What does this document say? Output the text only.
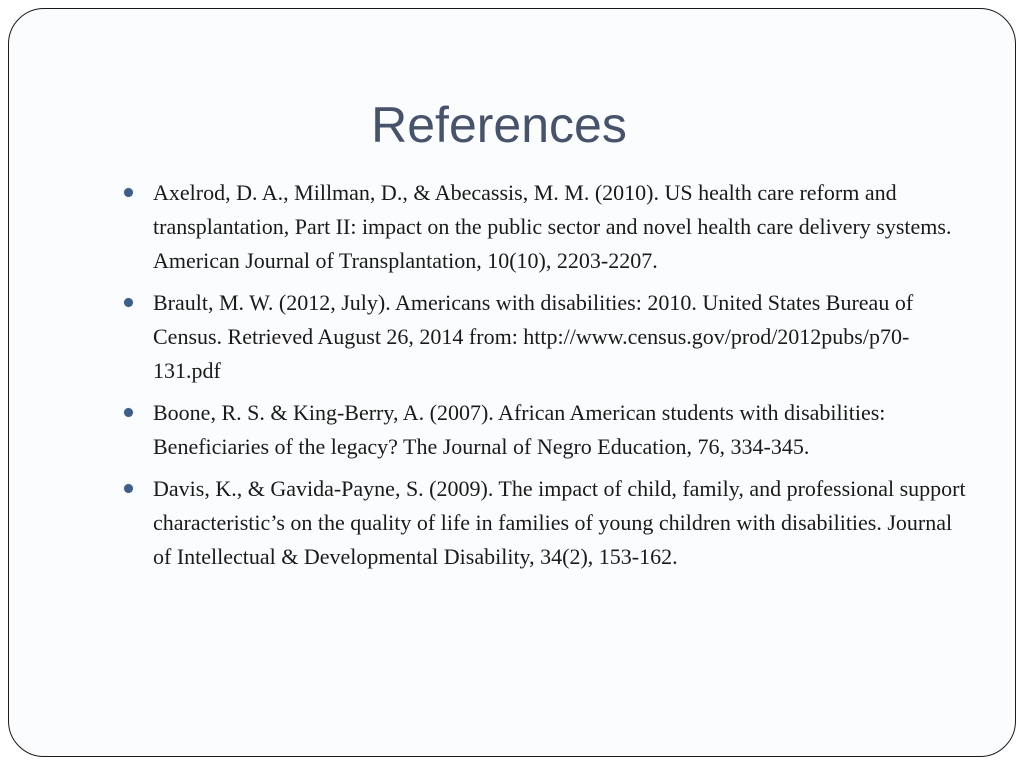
References
Axelrod, D. A., Millman, D., & Abecassis, M. M. (2010). US health care reform and transplantation, Part II: impact on the public sector and novel health care delivery systems. American Journal of Transplantation, 10(10), 2203-2207.
Brault, M. W. (2012, July). Americans with disabilities: 2010. United States Bureau of Census. Retrieved August 26, 2014 from: http://www.census.gov/prod/2012pubs/p70-131.pdf
Boone, R. S. & King-Berry, A. (2007). African American students with disabilities: Beneficiaries of the legacy? The Journal of Negro Education, 76, 334-345.
Davis, K., & Gavida-Payne, S. (2009). The impact of child, family, and professional support characteristic’s on the quality of life in families of young children with disabilities. Journal of Intellectual & Developmental Disability, 34(2), 153-162.
